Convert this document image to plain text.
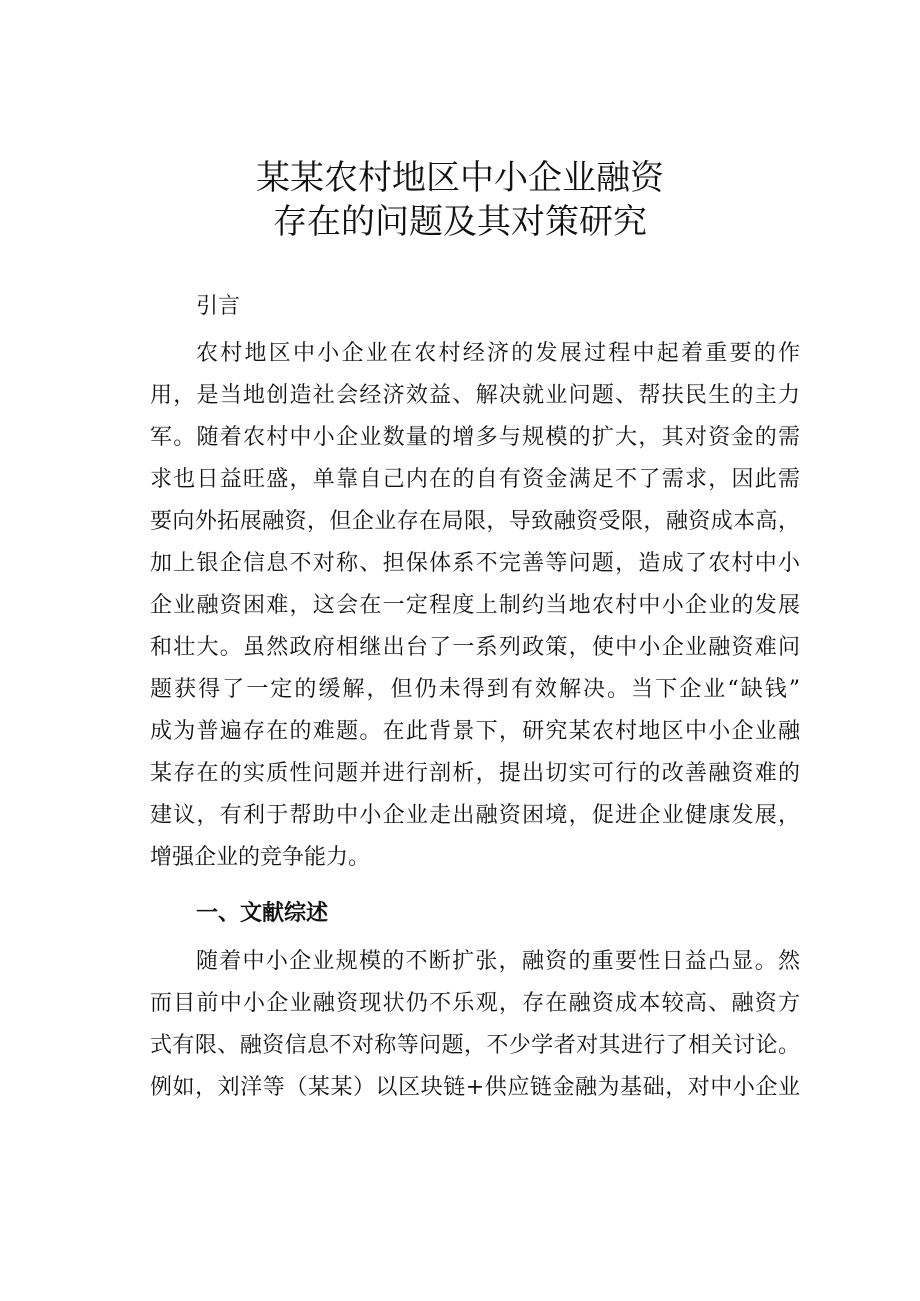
某某农村地区中小企业融资
存在的问题及其对策研究
引言
农村地区中小企业在农村经济的发展过程中起着重要的作
用，是当地创造社会经济效益、解决就业问题、帮扶民生的主力
军。随着农村中小企业数量的增多与规模的扩大，其对资金的需
求也日益旺盛，单靠自己内在的自有资金满足不了需求，因此需
要向外拓展融资，但企业存在局限，导致融资受限，融资成本高，
加上银企信息不对称、担保体系不完善等问题，造成了农村中小
企业融资困难，这会在一定程度上制约当地农村中小企业的发展
和壮大。虽然政府相继出台了一系列政策，使中小企业融资难问
题获得了一定的缓解，但仍未得到有效解决。当下企业“缺钱”
成为普遍存在的难题。在此背景下，研究某农村地区中小企业融
某存在的实质性问题并进行剖析，提出切实可行的改善融资难的
建议，有利于帮助中小企业走出融资困境，促进企业健康发展，
增强企业的竞争能力。
一、文献综述
随着中小企业规模的不断扩张，融资的重要性日益凸显。然
而目前中小企业融资现状仍不乐观，存在融资成本较高、融资方
式有限、融资信息不对称等问题，不少学者对其进行了相关讨论。
例如，刘洋等（某某）以区块链+供应链金融为基础，对中小企业
